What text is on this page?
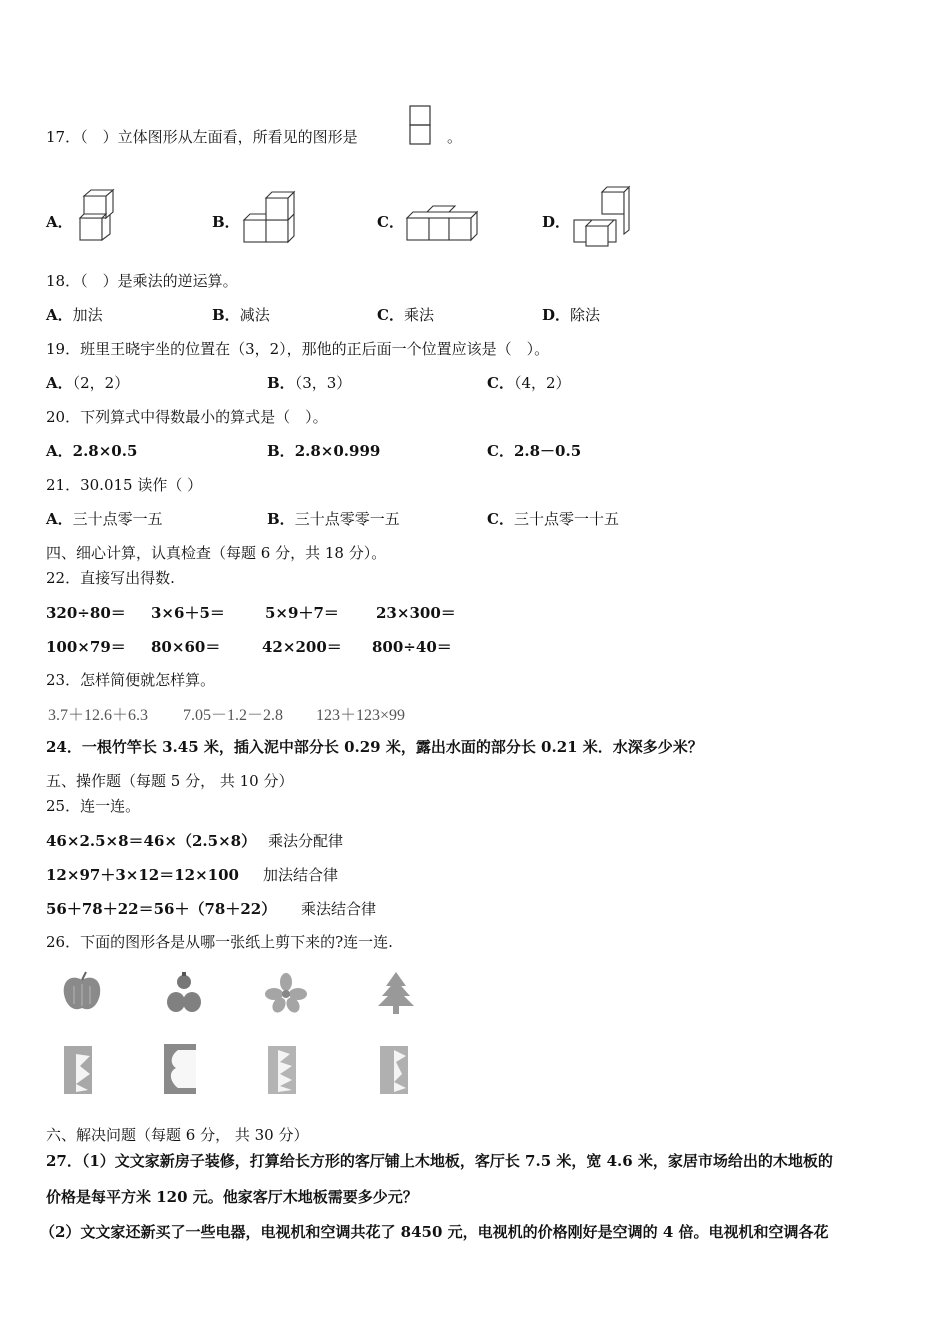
17．（　）立体图形从左面看，所看见的图形是	。
A．	B．	C．	D．
18．（　）是乘法的逆运算。
A．加法	B．减法	C．乘法	D．除法
19．班里王晓宇坐的位置在（3，2），那他的正后面一个位置应该是（　）。
A．（2，2）	B．（3，3）	C．（4，2）
20．下列算式中得数最小的算式是（　）。
A．2.8×0.5	B．2.8×0.999	C．2.8－0.5
21．30.015 读作（ ）
A．三十点零一五	B．三十点零零一五	C．三十点零一十五
四、细心计算，认真检查（每题 6 分，共 18 分）。
22．直接写出得数.
320÷80＝ 3×6＋5＝	5×9＋7＝ 23×300＝
100×79＝ 80×60＝	42×200＝ 800÷40＝
23．怎样简便就怎样算。
3.7＋12.6＋6.3 7.05－1.2－2.8 123＋123×99
24．一根竹竿长 3.45 米，插入泥中部分长 0.29 米，露出水面的部分长 0.21 米．水深多少米？
五、操作题（每题 5 分， 共 10 分）
25．连一连。
46×2.5×8＝46×（2.5×8） 乘法分配律
12×97＋3×12＝12×100 加法结合律
56＋78＋22＝56＋（78＋22） 乘法结合律
26．下面的图形各是从哪一张纸上剪下来的?连一连.
六、解决问题（每题 6 分， 共 30 分）
27．（1）文文家新房子装修，打算给长方形的客厅铺上木地板，客厅长 7.5 米，宽 4.6 米，家居市场给出的木地板的
价格是每平方米 120 元。他家客厅木地板需要多少元？
（2）文文家还新买了一些电器，电视机和空调共花了 8450 元，电视机的价格刚好是空调的 4 倍。电视机和空调各花
